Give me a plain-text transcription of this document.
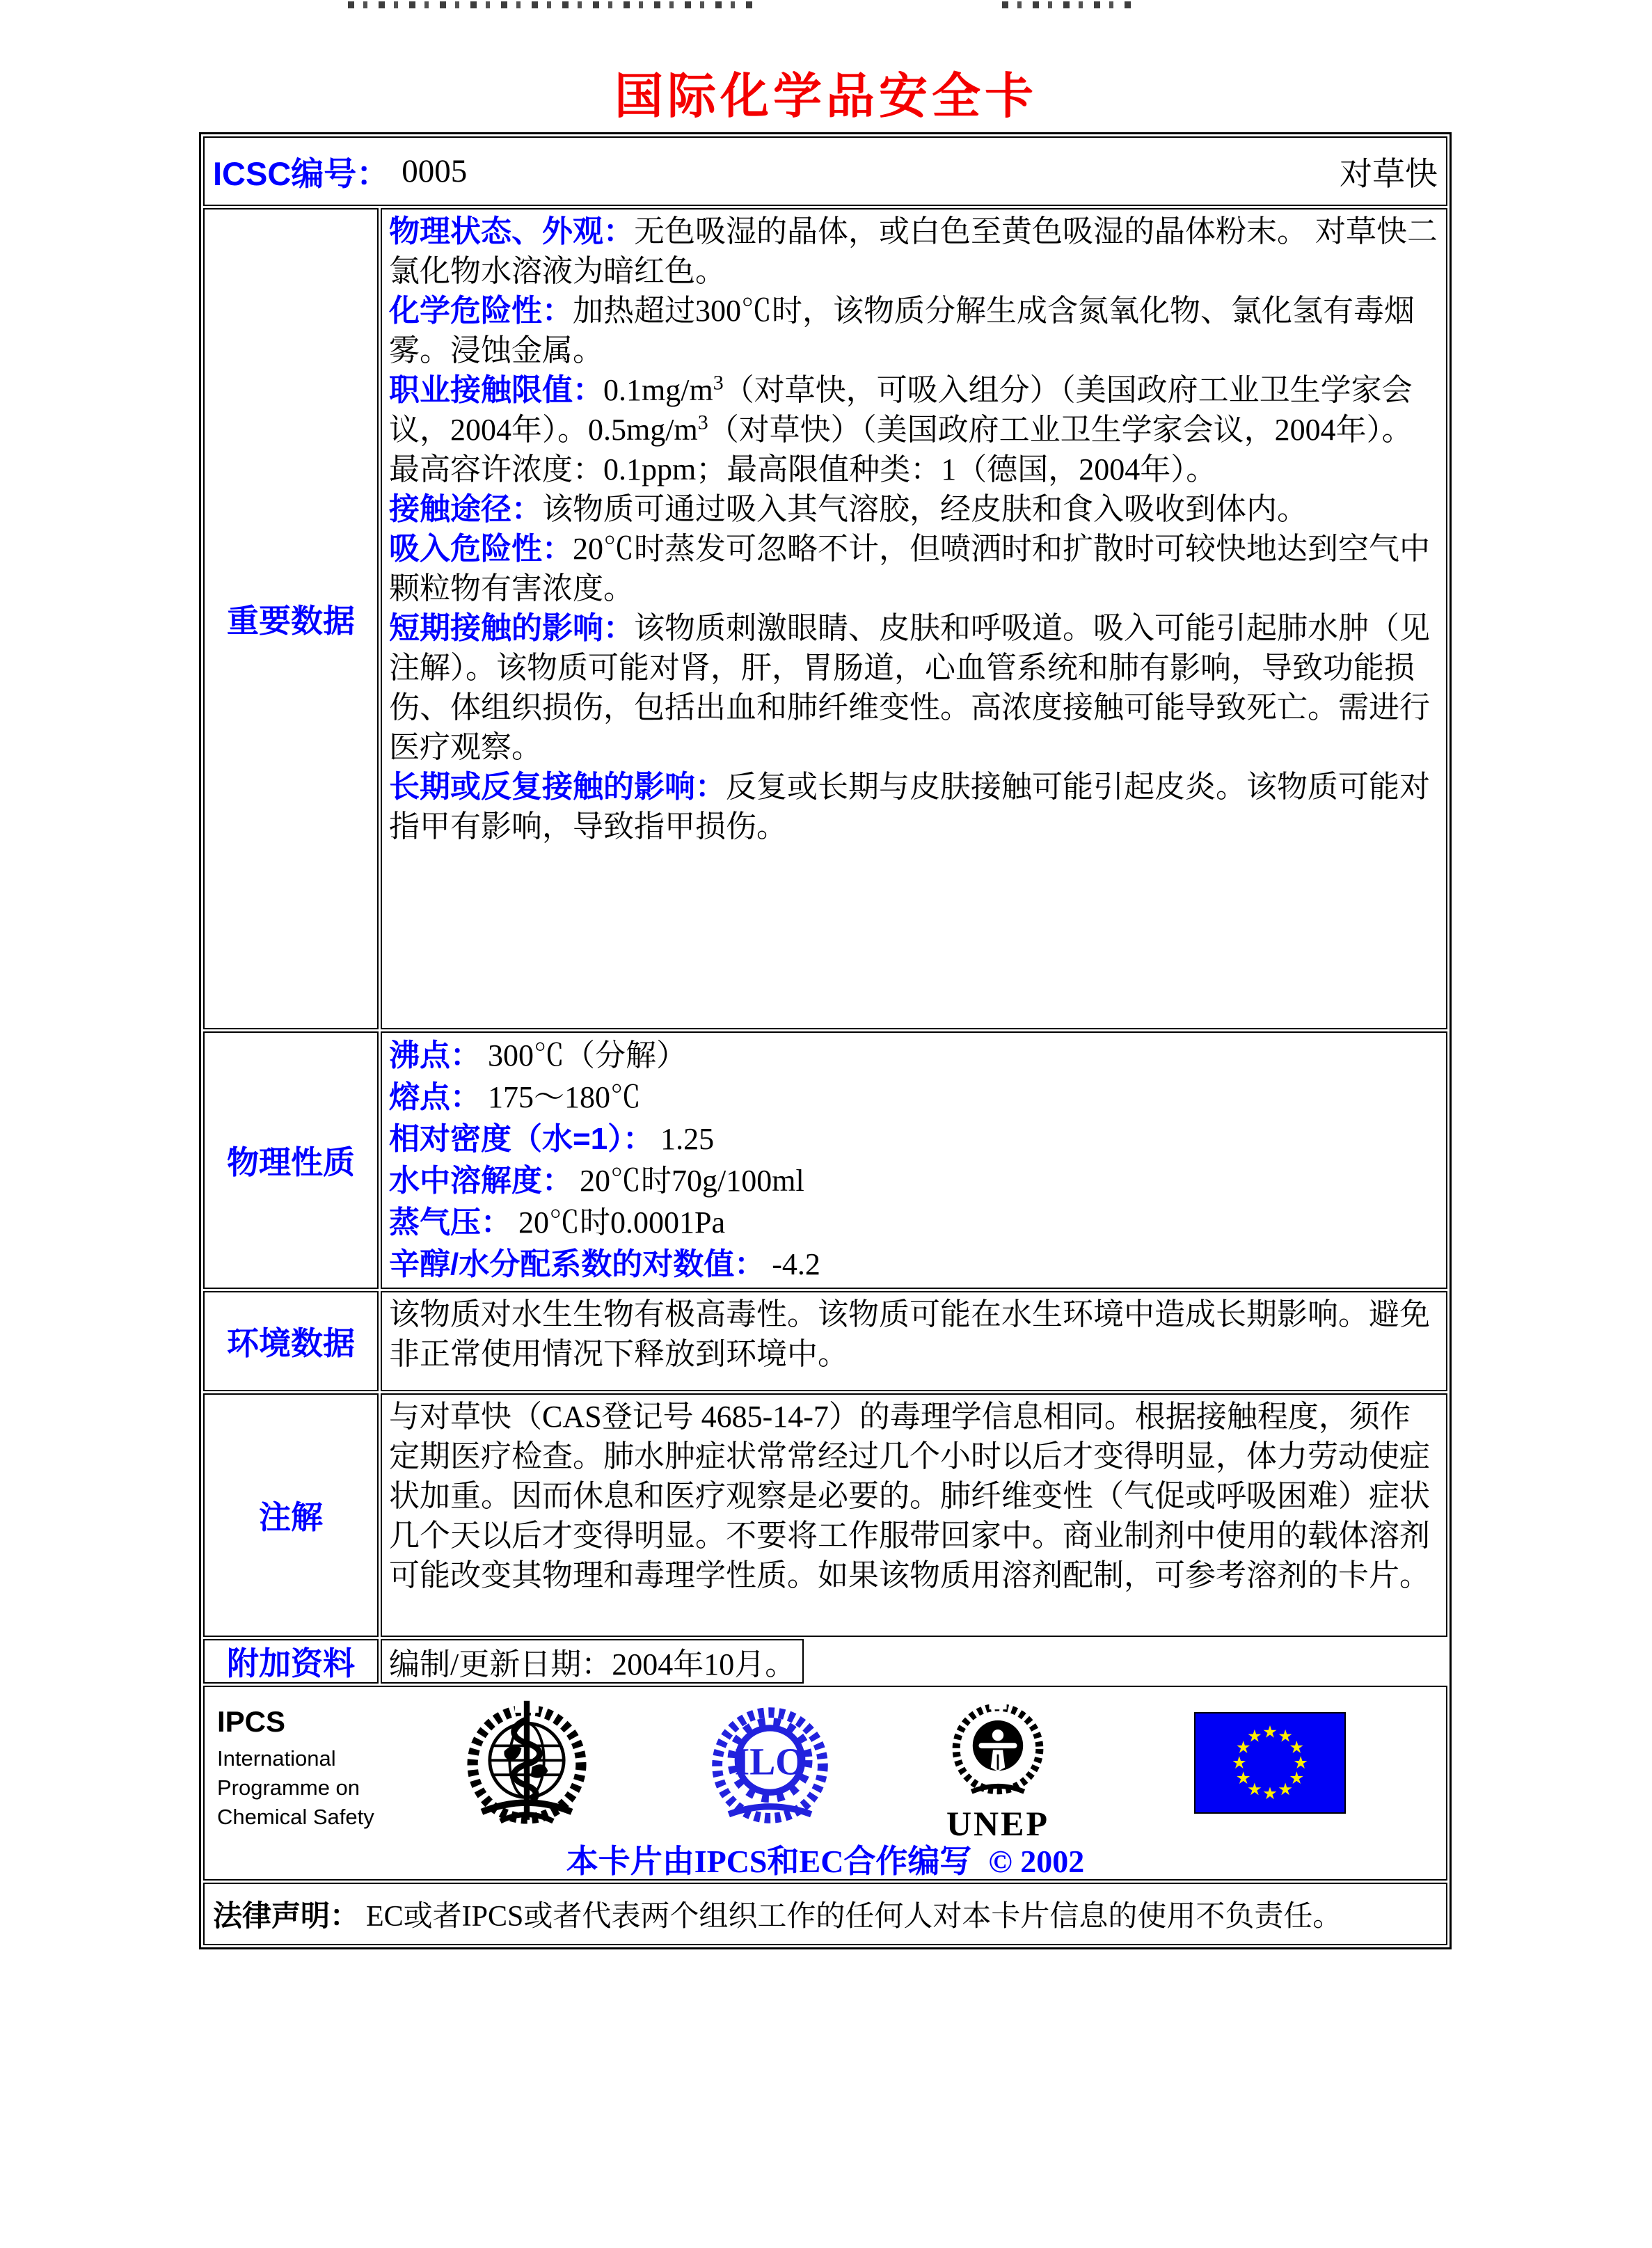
国际化学品安全卡
ICSC编号： 0005	对草快
重要数据

物理状态、外观：无色吸湿的晶体，或白色至黄色吸湿的晶体粉末。 对草快二氯化物水溶液为暗红色。

化学危险性：加热超过300℃时，该物质分解生成含氮氧化物、氯化氢有毒烟雾。浸蚀金属。

职业接触限值：$0.1mg/m^3$（对草快，可吸入组分）（美国政府工业卫生学家会议，2004年）。$0.5mg/m^3$（对草快）（美国政府工业卫生学家会议，2004年）。最高容许浓度：0.1ppm；最高限值种类：1（德国，2004年）。

接触途径：该物质可通过吸入其气溶胶，经皮肤和食入吸收到体内。

吸入危险性：20℃时蒸发可忽略不计，但喷洒时和扩散时可较快地达到空气中颗粒物有害浓度。

短期接触的影响：该物质刺激眼睛、皮肤和呼吸道。吸入可能引起肺水肿（见注解）。该物质可能对肾，肝，胃肠道，心血管系统和肺有影响，导致功能损伤、体组织损伤，包括出血和肺纤维变性。高浓度接触可能导致死亡。需进行医疗观察。

长期或反复接触的影响：反复或长期与皮肤接触可能引起皮炎。该物质可能对指甲有影响，导致指甲损伤。

物理性质

沸点： 300℃（分解）

熔点： 175～180℃

相对密度（水=1）： 1.25

水中溶解度： 20℃时70g/100ml

蒸气压： 20℃时0.0001Pa

辛醇/水分配系数的对数值： -4.2

环境数据

该物质对水生生物有极高毒性。该物质可能在水生环境中造成长期影响。避免非正常使用情况下释放到环境中。

注解

与对草快（CAS登记号 4685-14-7）的毒理学信息相同。根据接触程度，须作定期医疗检查。肺水肿症状常常经过几个小时以后才变得明显，体力劳动使症状加重。因而休息和医疗观察是必要的。肺纤维变性（气促或呼吸困难）症状几个天以后才变得明显。不要将工作服带回家中。商业制剂中使用的载体溶剂可能改变其物理和毒理学性质。如果该物质用溶剂配制，可参考溶剂的卡片。

附加资料	编制/更新日期：2004年10月。

IPCS

International
Programme on
Chemical Safety
ILO
UNEP
本卡片由IPCS和EC合作编写 © 2002
法律声明： EC或者IPCS或者代表两个组织工作的任何人对本卡片信息的使用不负责任。
